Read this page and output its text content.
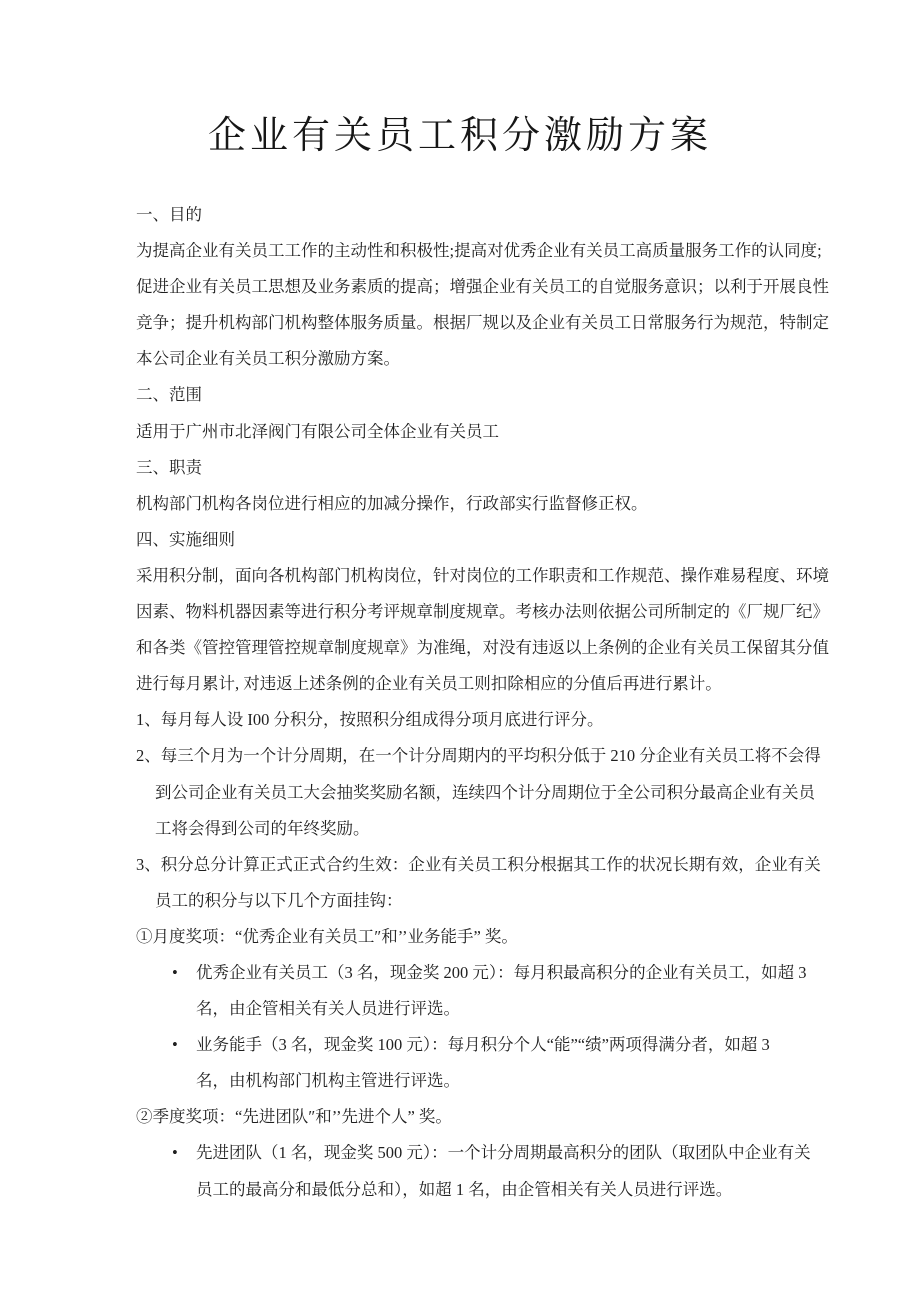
企业有关员工积分激励方案
一、目的
为提高企业有关员工工作的主动性和积极性;提高对优秀企业有关员工高质量服务工作的认同度;
促进企业有关员工思想及业务素质的提高；增强企业有关员工的自觉服务意识；以利于开展良性
竞争；提升机构部门机构整体服务质量。根据厂规以及企业有关员工日常服务行为规范，特制定
本公司企业有关员工积分激励方案。
二、范围
适用于广州市北泽阀门有限公司全体企业有关员工
三、职责
机构部门机构各岗位进行相应的加减分操作，行政部实行监督修正权。
四、实施细则
采用积分制，面向各机构部门机构岗位，针对岗位的工作职责和工作规范、操作难易程度、环境
因素、物料机器因素等进行积分考评规章制度规章。考核办法则依据公司所制定的《厂规厂纪》
和各类《管控管理管控规章制度规章》为准绳，对没有违返以上条例的企业有关员工保留其分值
进行每月累计, 对违返上述条例的企业有关员工则扣除相应的分值后再进行累计。
1、每月每人设 I00 分积分，按照积分组成得分项月底进行评分。
2、每三个月为一个计分周期，在一个计分周期内的平均积分低于 210 分企业有关员工将不会得
到公司企业有关员工大会抽奖奖励名额，连续四个计分周期位于全公司积分最高企业有关员
工将会得到公司的年终奖励。
3、积分总分计算正式正式合约生效：企业有关员工积分根据其工作的状况长期有效，企业有关
员工的积分与以下几个方面挂钩：
①月度奖项：“优秀企业有关员工″和’’业务能手” 奖。
• 优秀企业有关员工（3 名，现金奖 200 元）：每月积最高积分的企业有关员工，如超 3
名，由企管相关有关人员进行评选。
• 业务能手（3 名，现金奖 100 元）：每月积分个人“能”“绩”两项得满分者，如超 3
名，由机构部门机构主管进行评选。
②季度奖项：“先进团队″和’’先进个人” 奖。
• 先进团队（1 名，现金奖 500 元）：一个计分周期最高积分的团队（取团队中企业有关
员工的最高分和最低分总和），如超 1 名，由企管相关有关人员进行评选。
